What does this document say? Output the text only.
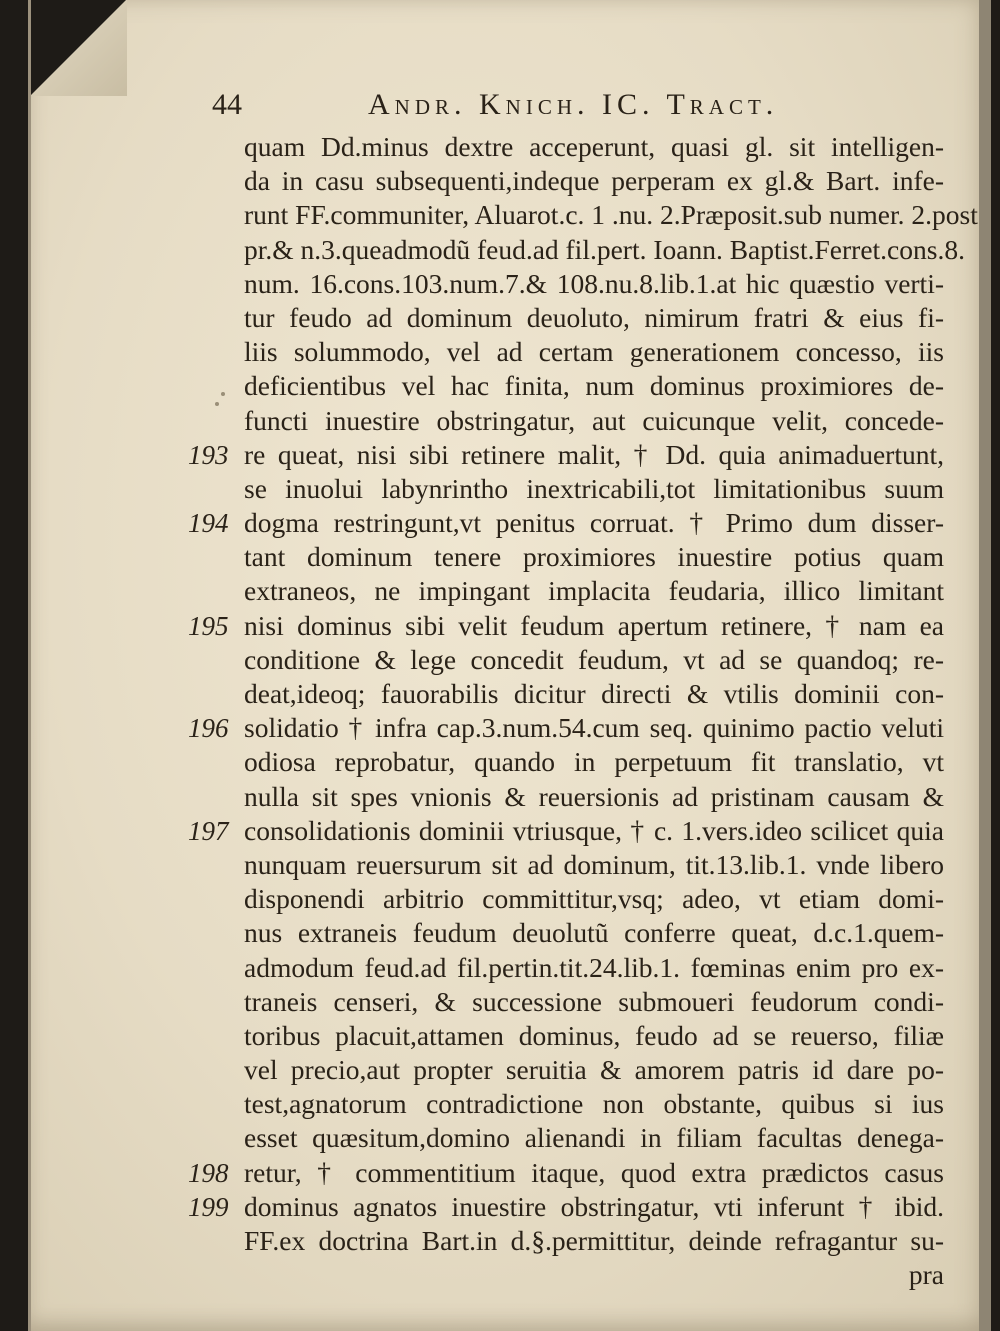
44	Andr. Knich. IC. Tract.
quam Dd.minus dextre acceperunt, quasi gl. sit intelligen-
da in casu subsequenti,indeque perperam ex gl.& Bart. infe-
runt FF.communiter, Aluarot.c. 1 .nu. 2.Præposit.sub numer. 2.post
pr.& n.3.queadmodũ feud.ad fil.pert. Ioann. Baptist.Ferret.cons.8.
num. 16.cons.103.num.7.& 108.nu.8.lib.1.at hic quæstio verti-
tur feudo ad dominum deuoluto, nimirum fratri & eius fi-
liis solummodo, vel ad certam generationem concesso, iis
deficientibus vel hac finita, num dominus proximiores de-
functi inuestire obstringatur, aut cuicunque velit, concede-
193 re queat, nisi sibi retinere malit, † Dd. quia animaduertunt,
se inuolui labynrintho inextricabili,tot limitationibus suum
194 dogma restringunt,vt penitus corruat. † Primo dum disser-
tant dominum tenere proximiores inuestire potius quam
extraneos, ne impingant implacita feudaria, illico limitant
195 nisi dominus sibi velit feudum apertum retinere, † nam ea
conditione & lege concedit feudum, vt ad se quandoq; re-
deat,ideoq; fauorabilis dicitur directi & vtilis dominii con-
196 solidatio † infra cap.3.num.54.cum seq. quinimo pactio veluti
odiosa reprobatur, quando in perpetuum fit translatio, vt
nulla sit spes vnionis & reuersionis ad pristinam causam &
197 consolidationis dominii vtriusque, † c. 1.vers.ideo scilicet quia
nunquam reuersurum sit ad dominum, tit.13.lib.1. vnde libero
disponendi arbitrio committitur,vsq; adeo, vt etiam domi-
nus extraneis feudum deuolutũ conferre queat, d.c.1.quem-
admodum feud.ad fil.pertin.tit.24.lib.1. fœminas enim pro ex-
traneis censeri, & successione submoueri feudorum condi-
toribus placuit,attamen dominus, feudo ad se reuerso, filiæ
vel precio,aut propter seruitia & amorem patris id dare po-
test,agnatorum contradictione non obstante, quibus si ius
esset quæsitum,domino alienandi in filiam facultas denega-
198 retur, † commentitium itaque, quod extra prædictos casus
199 dominus agnatos inuestire obstringatur, vti inferunt † ibid.
FF.ex doctrina Bart.in d.§.permittitur, deinde refragantur su-
pra
